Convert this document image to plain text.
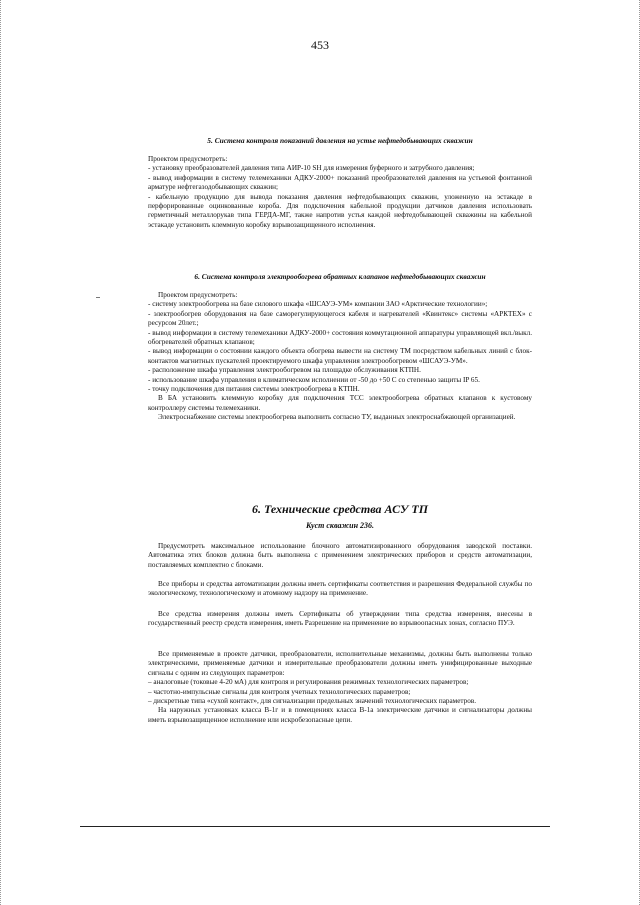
453
5. Система контроля показаний давления на устье нефтедобывающих скважин

Проектом предусмотреть:

- установку преобразователей давления типа АИР-10 SH для измерения буферного и затрубного давления;

- вывод информации в систему телемеханики АДКУ-2000+ показаний преобразователей давления на устьевой фонтанной арматуре нефтегазодобывающих скважин;

- кабельную продукцию для вывода показания давления нефтедобывающих скважин, уложенную на эстакаде в перфорированные оцинкованные короба. Для подключения кабельной продукции датчиков давления использовать герметичный металлорукав типа ГЕРДА-МГ, также напротив устья каждой нефтедобывающей скважины на кабельной эстакаде установить клеммную коробку взрывозащищенного исполнения.

6. Система контроля электрообогрева обратных клапанов нефтедобывающих скважин

Проектом предусмотреть:

- систему электрообогрева на базе силового шкафа «ШСАУЭ-УМ» компании ЗАО «Арктические технологии»;

- электрообогрев оборудования на базе саморегулирующегося кабеля и нагревателей «Квинтекс» системы «АРКТЕХ» с ресурсом 20лет.;

- вывод информации в систему телемеханики АДКУ-2000+ состояния коммутационной аппаратуры управляющей вкл./выкл. обогревателей обратных клапанов;

- вывод информации о состоянии каждого объекта обогрева вывести на систему ТМ посредством кабельных линий с блок-контактов магнитных пускателей проектируемого шкафа управления электрообогревом «ШСАУЭ-УМ».

- расположение шкафа управления электрообогревом на площадке обслуживания КТПН.

- использование шкафа управления в климатическом исполнении от -50 до +50 С со степенью защиты IP 65.

- точку подключения для питания системы электрообогрева в КТПН.

В БА установить клеммную коробку для подключения ТСС электрообогрева обратных клапанов к кустовому контроллеру системы телемеханики.

Электроснабжение системы электрообогрева выполнить согласно ТУ, выданных электроснабжающей организацией.

6. Технические средства АСУ ТП
Куст скважин 236.

Предусмотреть максимальное использование блочного автоматизированного оборудования заводской поставки. Автоматика этих блоков должна быть выполнена с применением электрических приборов и средств автоматизации, поставляемых комплектно с блоками.

Все приборы и средства автоматизации должны иметь сертификаты соответствия и разрешения Федеральной службы по экологическому, технологическому и атомному надзору на применение.

Все средства измерения должны иметь Сертификаты об утверждении типа средства измерения, внесены в государственный реестр средств измерения, иметь Разрешение на применение во взрывоопасных зонах, согласно ПУЭ.

Все применяемые в проекте датчики, преобразователи, исполнительные механизмы, должны быть выполнены только электрическими, применяемые датчики и измерительные преобразователи должны иметь унифицированные выходные сигналы с одним из следующих параметров:

– аналоговые (токовые 4-20 мА) для контроля и регулирования режимных технологических параметров;

– частотно-импульсные сигналы для контроля учетных технологических параметров;

– дискретные типа «сухой контакт», для сигнализации предельных значений технологических параметров.

На наружных установках класса В-1г и в помещениях класса В-1а электрические датчики и сигнализаторы должны иметь взрывозащищенное исполнение или искробезопасные цепи.
